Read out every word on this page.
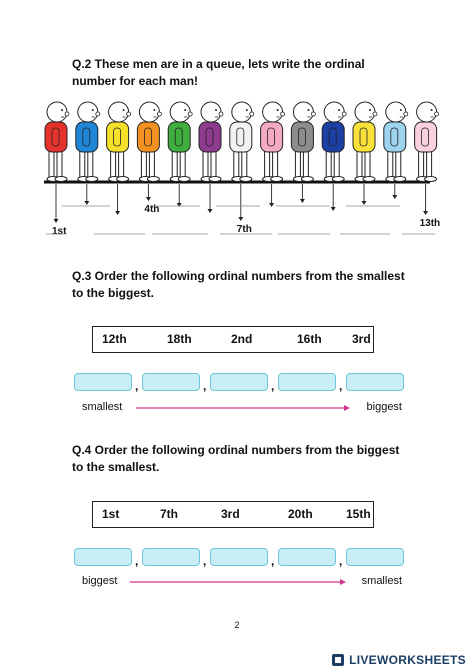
Q.2 These men are in a queue, lets write the ordinal number for each man!
1st
4th
7th
13th
Q.3 Order the following ordinal numbers from the smallest to the biggest.
12th	18th	2nd	16th	3rd
,	,	,	,
smallest	biggest
Q.4 Order the following ordinal numbers from the biggest to the smallest.
1st	7th	3rd	20th	15th
,	,	,	,
biggest	smallest
2
LIVEWORKSHEETS
